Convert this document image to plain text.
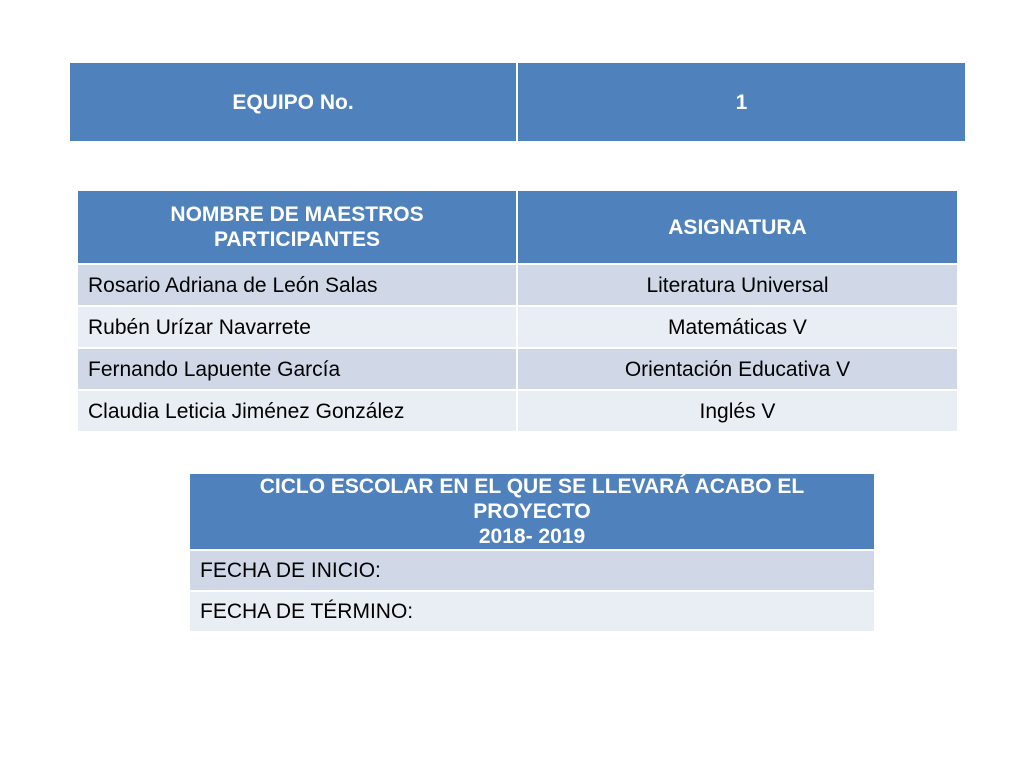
EQUIPO No.	1
NOMBRE DE MAESTROS PARTICIPANTES	ASIGNATURA
Rosario Adriana de León Salas	Literatura Universal
Rubén Urízar Navarrete	Matemáticas V
Fernando Lapuente García	Orientación Educativa V
Claudia Leticia Jiménez González	Inglés V
CICLO ESCOLAR EN EL QUE SE LLEVARÁ ACABO EL PROYECTO
2018- 2019

FECHA DE INICIO:
FECHA DE TÉRMINO:
